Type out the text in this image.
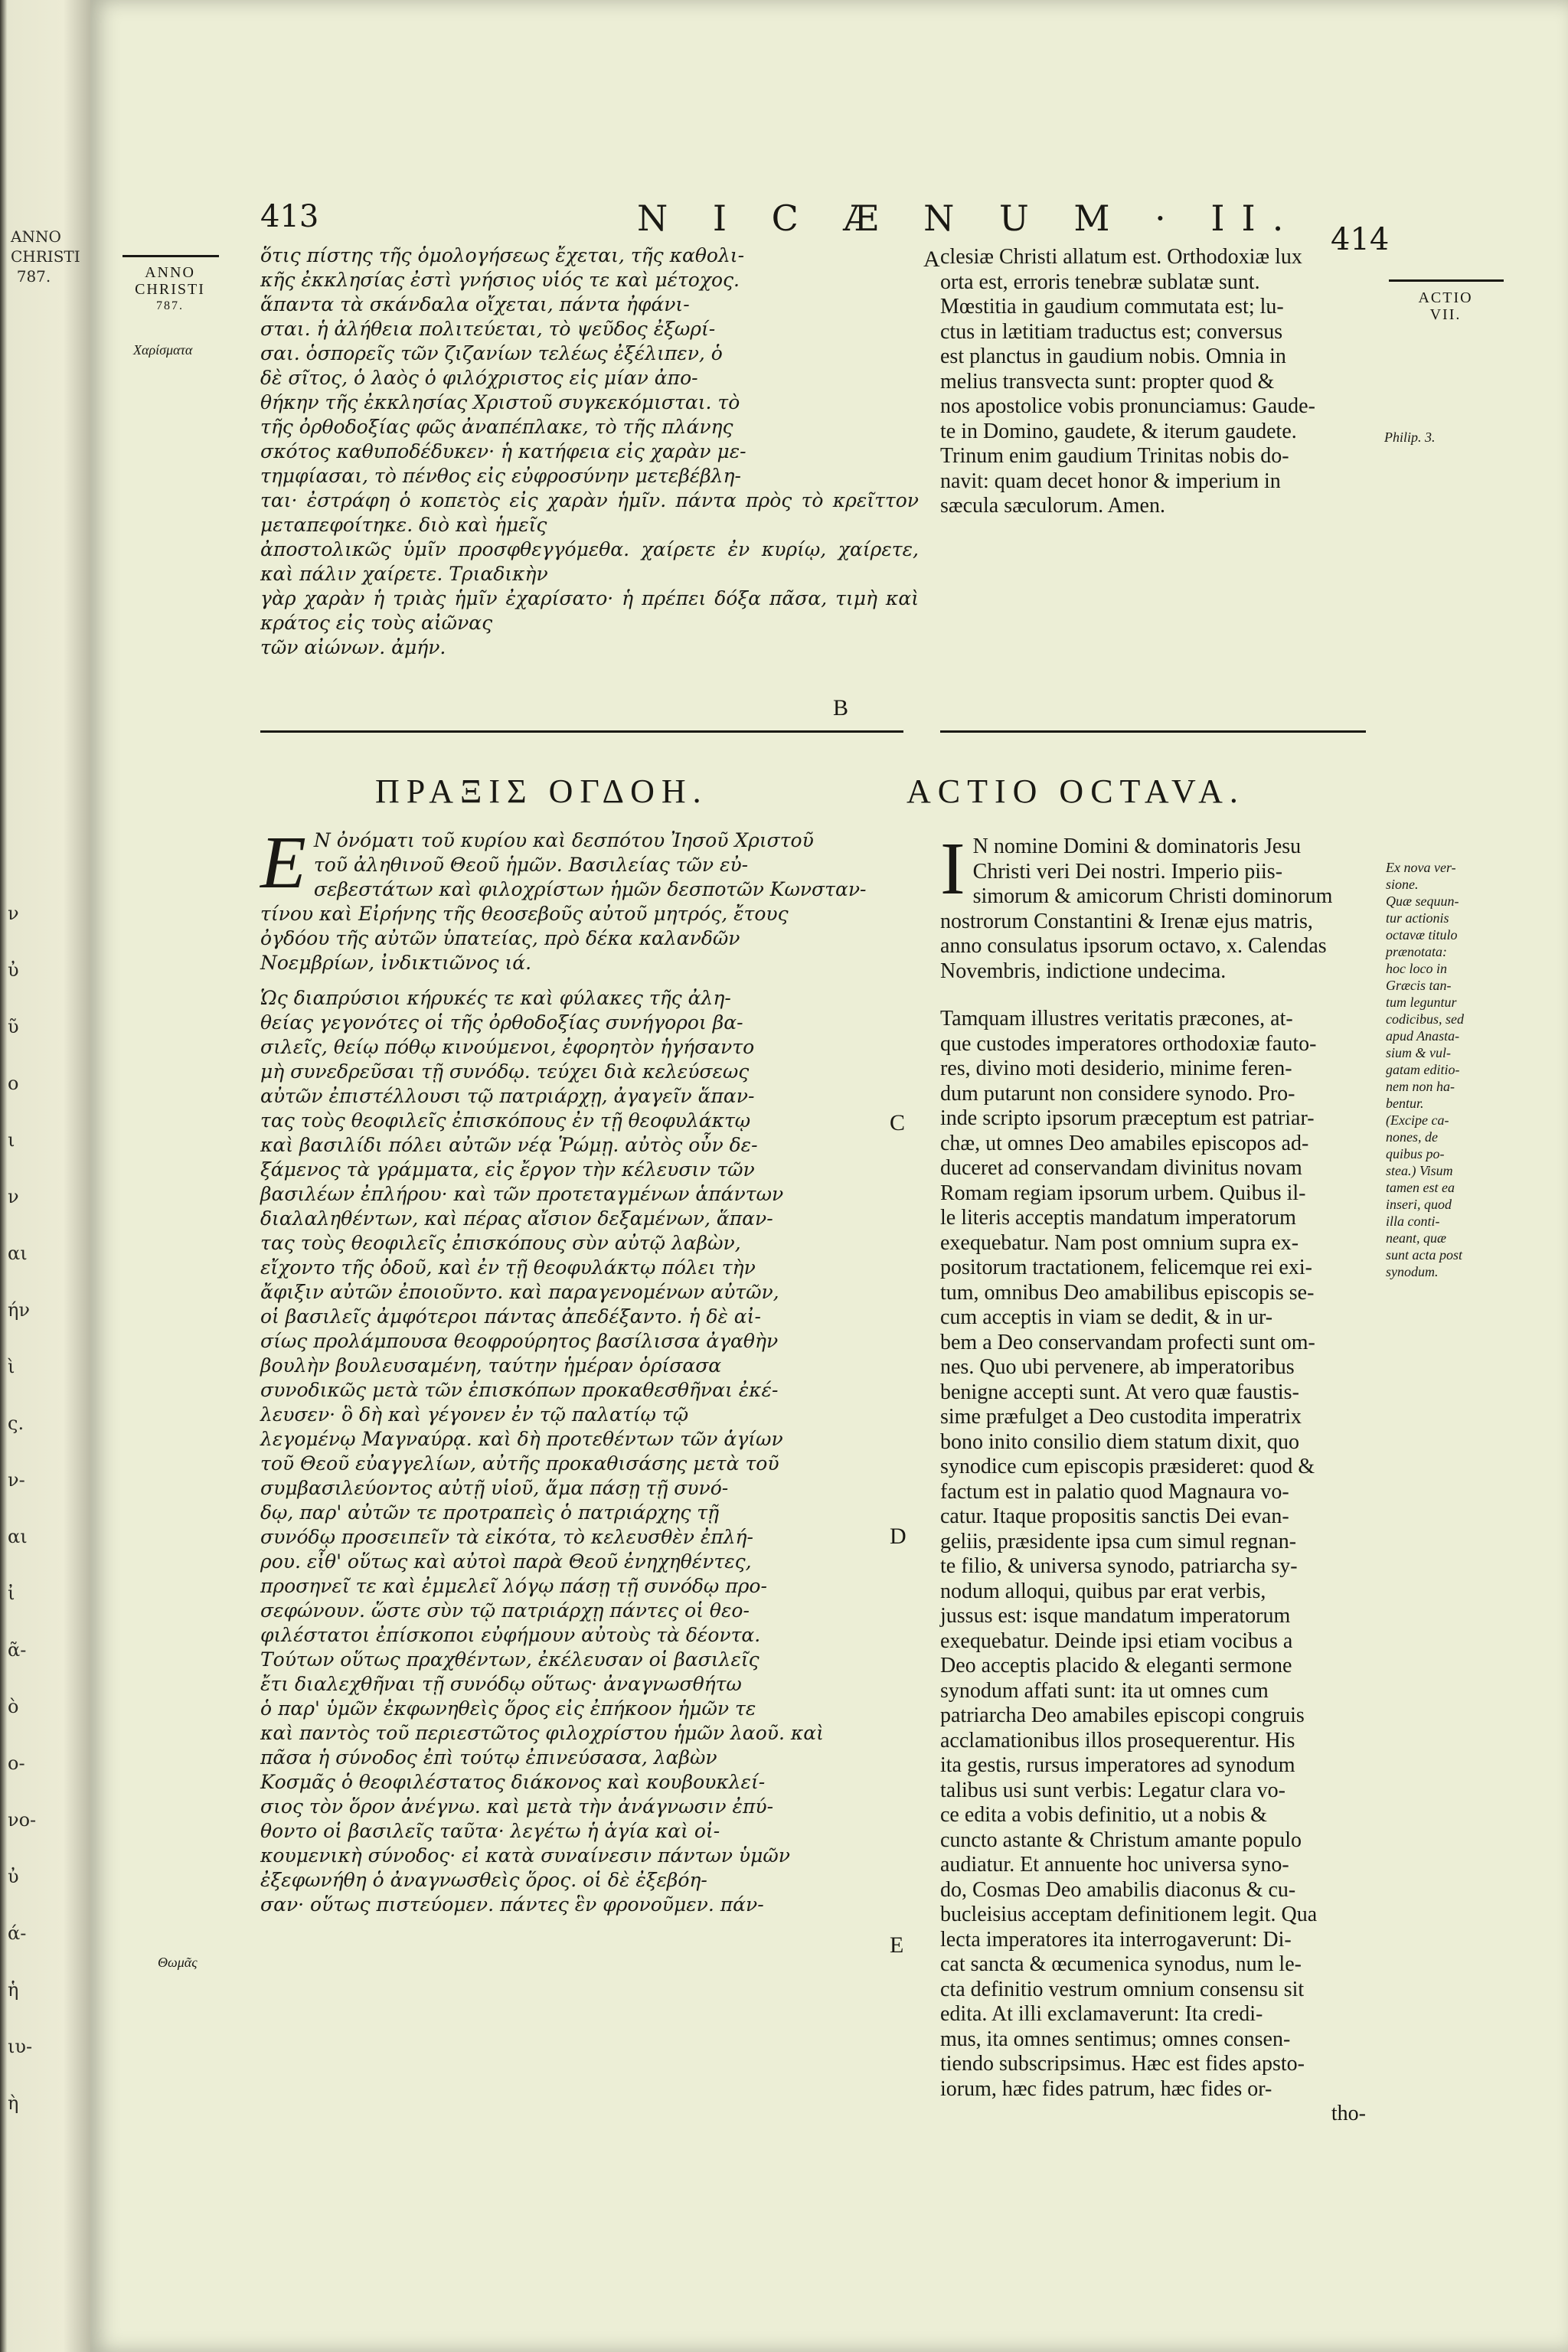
ANNO
CHRISTI
787.
ν
ὐ
ῦ
ο
ι
ν
αι
ήν
ὶ
ς.
ν-
αι
ἰ
ᾶ-
ὸ
ο-
νο-
ὐ
ά-
ἡ
ιυ-
ὴ
413	N I C Æ N U M · II.
414
ANNO
CHRISTI
787.	ACTIO
VII.
ὅτις πίστης τῆς ὁμολογήσεως ἔχεται, τῆς καθολι-
κῆς ἐκκλησίας ἐστὶ γνήσιος υἱός τε καὶ μέτοχος.
ἅπαντα τὰ σκάνδαλα οἴχεται, πάντα ἠφάνι-
σται. ἡ ἀλήθεια πολιτεύεται, τὸ ψεῦδος ἐξωρί-
σαι. ὁσπορεῖς τῶν ζιζανίων τελέως ἐξέλιπεν, ὁ
δὲ σῖτος, ὁ λαὸς ὁ φιλόχριστος εἰς μίαν ἀπο-
θήκην τῆς ἐκκλησίας Χριστοῦ συγκεκόμισται. τὸ
τῆς ὀρθοδοξίας φῶς ἀναπέπλακε, τὸ τῆς πλάνης
σκότος καθυποδέδυκεν· ἡ κατήφεια εἰς χαρὰν με-
τημφίασαι, τὸ πένθος εἰς εὐφροσύνην μετεβέβλη-
ται· ἐστράφη ὁ κοπετὸς εἰς χαρὰν ἡμῖν. πάντα πρὸς τὸ κρεῖττον μεταπεφοίτηκε. διὸ καὶ ἡμεῖς
ἀποστολικῶς ὑμῖν προσφθεγγόμεθα. χαίρετε ἐν κυρίῳ, χαίρετε, καὶ πάλιν χαίρετε. Τριαδικὴν
γὰρ χαρὰν ἡ τριὰς ἡμῖν ἐχαρίσατο· ἡ πρέπει δόξα πᾶσα, τιμὴ καὶ κράτος εἰς τοὺς αἰῶνας
τῶν αἰώνων. ἀμήν.
Χαρίσματα
A clesiæ Christi allatum est. Orthodoxiæ lux
orta est, erroris tenebræ sublatæ sunt.
Mœstitia in gaudium commutata est; lu-
ctus in lætitiam traductus est; conversus
est planctus in gaudium nobis. Omnia in
melius transvecta sunt: propter quod &
nos apostolice vobis pronunciamus: Gaude-
te in Domino, gaudete, & iterum gaudete.
Trinum enim gaudium Trinitas nobis do-
navit: quam decet honor & imperium in
sæcula sæculorum. Amen.
Philip. 3.
B
ΠΡΑΞΙΣ ΟΓΔΟΗ.	ACTIO OCTAVA.
E Ν ὀνόματι τοῦ κυρίου καὶ δεσπότου Ἰησοῦ Χριστοῦ
τοῦ ἀληθινοῦ Θεοῦ ἡμῶν. Βασιλείας τῶν εὐ-
σεβεστάτων καὶ φιλοχρίστων ἡμῶν δεσποτῶν Κωνσταν-
τίνου καὶ Εἰρήνης τῆς θεοσεβοῦς αὐτοῦ μητρός, ἔτους
ὀγδόου τῆς αὐτῶν ὑπατείας, πρὸ δέκα καλανδῶν
Νοεμβρίων, ἰνδικτιῶνος ιά.
Ὡς διαπρύσιοι κήρυκές τε καὶ φύλακες τῆς ἀλη-
θείας γεγονότες οἱ τῆς ὀρθοδοξίας συνήγοροι βα-
σιλεῖς, θείῳ πόθῳ κινούμενοι, ἐφορητὸν ἡγήσαντο
μὴ συνεδρεῦσαι τῇ συνόδῳ. τεύχει διὰ κελεύσεως
αὐτῶν ἐπιστέλλουσι τῷ πατριάρχῃ, ἀγαγεῖν ἅπαν-
τας τοὺς θεοφιλεῖς ἐπισκόπους ἐν τῇ θεοφυλάκτῳ
καὶ βασιλίδι πόλει αὐτῶν νέᾳ Ῥώμῃ. αὐτὸς οὖν δε-
ξάμενος τὰ γράμματα, εἰς ἔργον τὴν κέλευσιν τῶν
βασιλέων ἐπλήρου· καὶ τῶν προτεταγμένων ἁπάντων
διαλαληθέντων, καὶ πέρας αἴσιον δεξαμένων, ἅπαν-
τας τοὺς θεοφιλεῖς ἐπισκόπους σὺν αὐτῷ λαβὼν,
εἴχοντο τῆς ὁδοῦ, καὶ ἐν τῇ θεοφυλάκτῳ πόλει τὴν
ἄφιξιν αὐτῶν ἐποιοῦντο. καὶ παραγενομένων αὐτῶν,
οἱ βασιλεῖς ἀμφότεροι πάντας ἀπεδέξαντο. ἡ δὲ αἰ-
σίως προλάμπουσα θεοφρούρητος βασίλισσα ἀγαθὴν
βουλὴν βουλευσαμένη, ταύτην ἡμέραν ὁρίσασα
συνοδικῶς μετὰ τῶν ἐπισκόπων προκαθεσθῆναι ἐκέ-
λευσεν· ὃ δὴ καὶ γέγονεν ἐν τῷ παλατίῳ τῷ
λεγομένῳ Μαγναύρᾳ. καὶ δὴ προτεθέντων τῶν ἁγίων
τοῦ Θεοῦ εὐαγγελίων, αὐτῆς προκαθισάσης μετὰ τοῦ
συμβασιλεύοντος αὐτῇ υἱοῦ, ἅμα πάσῃ τῇ συνό-
δῳ, παρ' αὐτῶν τε προτραπεὶς ὁ πατριάρχης τῇ
συνόδῳ προσειπεῖν τὰ εἰκότα, τὸ κελευσθὲν ἐπλή-
ρου. εἶθ' οὕτως καὶ αὐτοὶ παρὰ Θεοῦ ἐνηχηθέντες,
προσηνεῖ τε καὶ ἐμμελεῖ λόγῳ πάσῃ τῇ συνόδῳ προ-
σεφώνουν. ὥστε σὺν τῷ πατριάρχῃ πάντες οἱ θεο-
φιλέστατοι ἐπίσκοποι εὐφήμουν αὐτοὺς τὰ δέοντα.
Τούτων οὕτως πραχθέντων, ἐκέλευσαν οἱ βασιλεῖς
ἔτι διαλεχθῆναι τῇ συνόδῳ οὕτως· ἀναγνωσθήτω
ὁ παρ' ὑμῶν ἐκφωνηθεὶς ὅρος εἰς ἐπήκοον ἡμῶν τε
καὶ παντὸς τοῦ περιεστῶτος φιλοχρίστου ἡμῶν λαοῦ. καὶ
πᾶσα ἡ σύνοδος ἐπὶ τούτῳ ἐπινεύσασα, λαβὼν
Κοσμᾶς ὁ θεοφιλέστατος διάκονος καὶ κουβουκλεί-
σιος τὸν ὅρον ἀνέγνω. καὶ μετὰ τὴν ἀνάγνωσιν ἐπύ-
θοντο οἱ βασιλεῖς ταῦτα· λεγέτω ἡ ἁγία καὶ οἰ-
κουμενικὴ σύνοδος· εἰ κατὰ συναίνεσιν πάντων ὑμῶν
ἐξεφωνήθη ὁ ἀναγνωσθεὶς ὅρος. οἱ δὲ ἐξεβόη-
σαν· οὕτως πιστεύομεν. πάντες ἓν φρονοῦμεν. πάν-
Θωμᾶς
C
D
E
I N nomine Domini & dominatoris Jesu
Christi veri Dei nostri. Imperio piis-
simorum & amicorum Christi dominorum
nostrorum Constantini & Irenæ ejus matris,
anno consulatus ipsorum octavo, x. Calendas
Novembris, indictione undecima.
Tamquam illustres veritatis præcones, at-
que custodes imperatores orthodoxiæ fauto-
res, divino moti desiderio, minime feren-
dum putarunt non considere synodo. Pro-
inde scripto ipsorum præceptum est patriar-
chæ, ut omnes Deo amabiles episcopos ad-
duceret ad conservandam divinitus novam
Romam regiam ipsorum urbem. Quibus il-
le literis acceptis mandatum imperatorum
exequebatur. Nam post omnium supra ex-
positorum tractationem, felicemque rei exi-
tum, omnibus Deo amabilibus episcopis se-
cum acceptis in viam se dedit, & in ur-
bem a Deo conservandam profecti sunt om-
nes. Quo ubi pervenere, ab imperatoribus
benigne accepti sunt. At vero quæ faustis-
sime præfulget a Deo custodita imperatrix
bono inito consilio diem statum dixit, quo
synodice cum episcopis præsideret: quod &
factum est in palatio quod Magnaura vo-
catur. Itaque propositis sanctis Dei evan-
geliis, præsidente ipsa cum simul regnan-
te filio, & universa synodo, patriarcha sy-
nodum alloqui, quibus par erat verbis,
jussus est: isque mandatum imperatorum
exequebatur. Deinde ipsi etiam vocibus a
Deo acceptis placido & eleganti sermone
synodum affati sunt: ita ut omnes cum
patriarcha Deo amabiles episcopi congruis
acclamationibus illos prosequerentur. His
ita gestis, rursus imperatores ad synodum
talibus usi sunt verbis: Legatur clara vo-
ce edita a vobis definitio, ut a nobis &
cuncto astante & Christum amante populo
audiatur. Et annuente hoc universa syno-
do, Cosmas Deo amabilis diaconus & cu-
bucleisius acceptam definitionem legit. Qua
lecta imperatores ita interrogaverunt: Di-
cat sancta & œcumenica synodus, num le-
cta definitio vestrum omnium consensu sit
edita. At illi exclamaverunt: Ita credi-
mus, ita omnes sentimus; omnes consen-
tiendo subscripsimus. Hæc est fides apsto-
iorum, hæc fides patrum, hæc fides or-
tho-
Ex nova ver-
sione.
Quæ sequun-
tur actionis
octavæ titulo
prænotata:
hoc loco in
Græcis tan-
tum leguntur
codicibus, sed
apud Anasta-
sium & vul-
gatam editio-
nem non ha-
bentur.
(Excipe ca-
nones, de
quibus po-
stea.) Visum
tamen est ea
inseri, quod
illa conti-
neant, quæ
sunt acta post
synodum.
